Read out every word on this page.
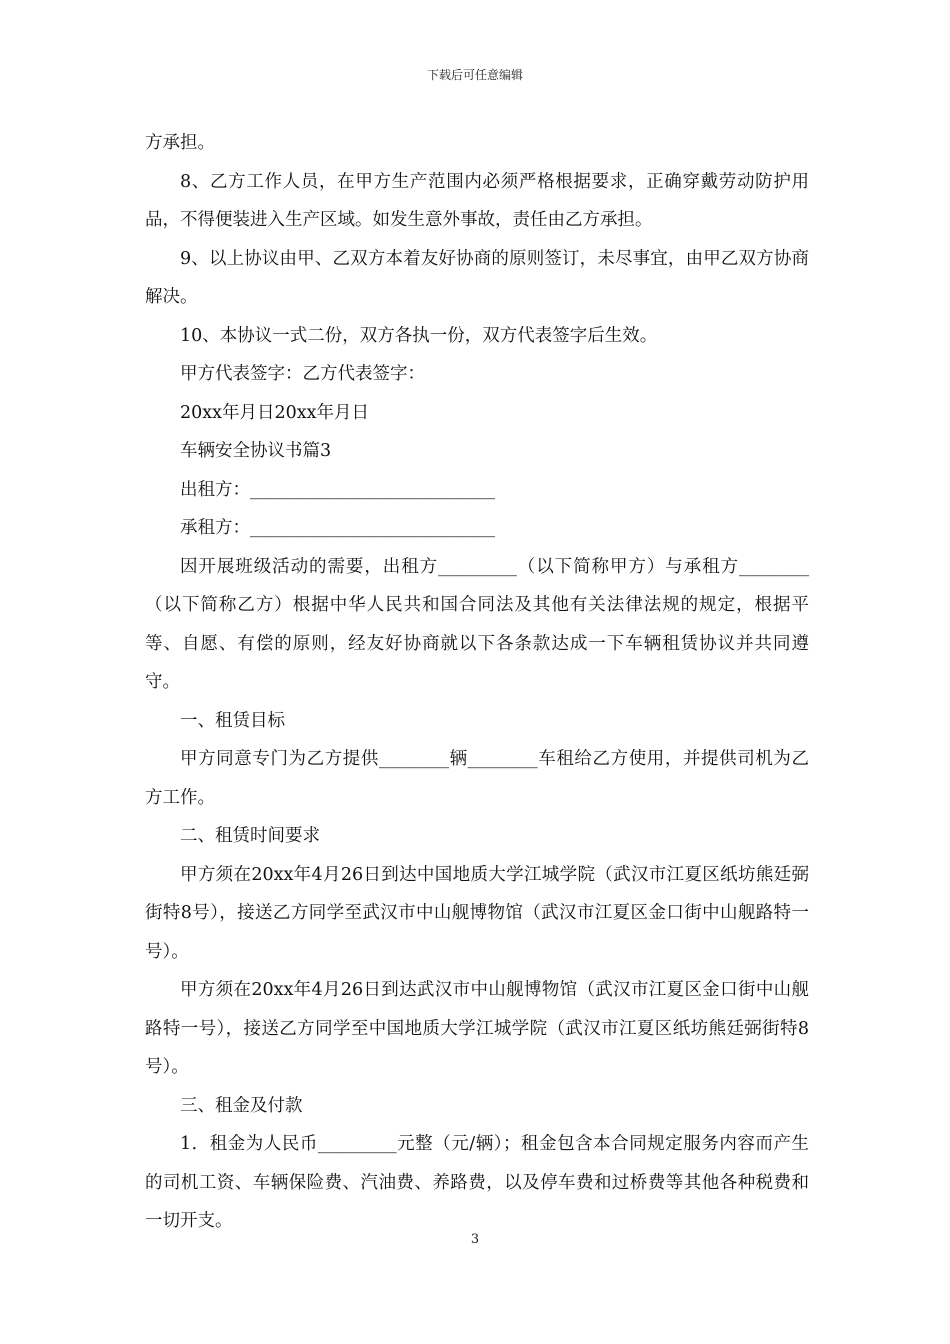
下载后可任意编辑

方承担。

8、乙方工作人员，在甲方生产范围内必须严格根据要求，正确穿戴劳动防护用品，不得便装进入生产区域。如发生意外事故，责任由乙方承担。

9、以上协议由甲、乙双方本着友好协商的原则签订，未尽事宜，由甲乙双方协商解决。

10、本协议一式二份，双方各执一份，双方代表签字后生效。

甲方代表签字：乙方代表签字：

20xx年月日20xx年月日

车辆安全协议书篇3

出租方：____________________________

承租方：____________________________

因开展班级活动的需要，出租方_________（以下简称甲方）与承租方________（以下简称乙方）根据中华人民共和国合同法及其他有关法律法规的规定，根据平等、自愿、有偿的原则，经友好协商就以下各条款达成一下车辆租赁协议并共同遵守。

一、租赁目标

甲方同意专门为乙方提供________辆________车租给乙方使用，并提供司机为乙方工作。

二、租赁时间要求

甲方须在20xx年4月26日到达中国地质大学江城学院（武汉市江夏区纸坊熊廷弼街特8号），接送乙方同学至武汉市中山舰博物馆（武汉市江夏区金口街中山舰路特一号）。

甲方须在20xx年4月26日到达武汉市中山舰博物馆（武汉市江夏区金口街中山舰路特一号），接送乙方同学至中国地质大学江城学院（武汉市江夏区纸坊熊廷弼街特8号）。

三、租金及付款

1．租金为人民币_________元整（元/辆）；租金包含本合同规定服务内容而产生的司机工资、车辆保险费、汽油费、养路费，以及停车费和过桥费等其他各种税费和一切开支。

3
